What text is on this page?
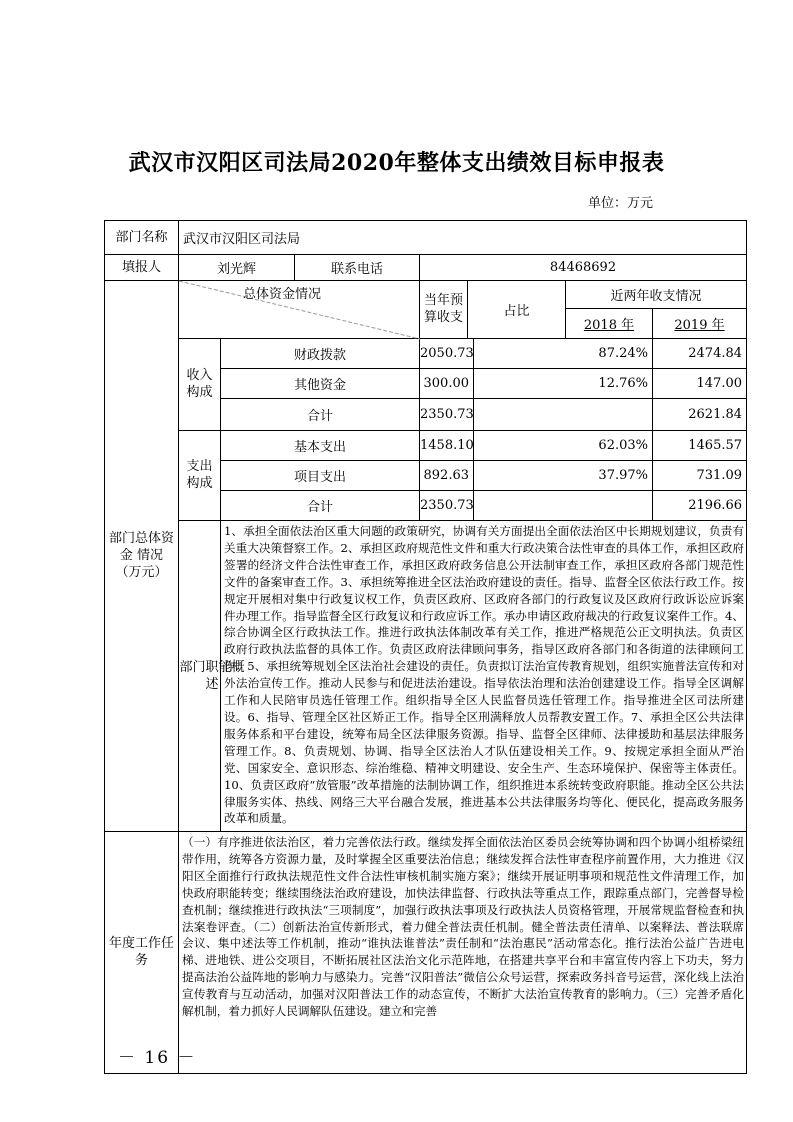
武汉市汉阳区司法局2020年整体支出绩效目标申报表
单位：万元
部门名称	武汉市汉阳区司法局								
填报人	刘光辉		联系电话	84468692					
部门总体资金 情况（万元）	总体资金情况			当年预算收支	占比		近两年收支情况		
							2018 年	2019 年	
	收入构成	财政拨款		2050.73		87.24%		2474.84	
		其他资金		300.00		12.76%		147.00	
		合计		2350.73				2621.84	
	支出构成	基本支出		1458.10		62.03%		1465.57	
		项目支出		892.63		37.97%		731.09	
		合计		2350.73				2196.66	
	部门职能概述	1、承担全面依法治区重大问题的政策研究，协调有关方面提出全面依法治区中长期规划建议，负责有关重大决策督察工作。2、承担区政府规范性文件和重大行政决策合法性审查的具体工作，承担区政府签署的经济文件合法性审查工作，承担区政府政务信息公开法制审查工作，承担区政府各部门规范性文件的备案审查工作。3、承担统筹推进全区法治政府建设的责任。指导、监督全区依法行政工作。按规定开展相对集中行政复议权工作，负责区政府、区政府各部门的行政复议及区政府行政诉讼应诉案件办理工作。指导监督全区行政复议和行政应诉工作。承办申请区政府裁决的行政复议案件工作。4、综合协调全区行政执法工作。推进行政执法体制改革有关工作，推进严格规范公正文明执法。负责区政府行政执法监督的具体工作。负责区政府法律顾问事务，指导区政府各部门和各街道的法律顾问工作。5、承担统筹规划全区法治社会建设的责任。负责拟订法治宣传教育规划，组织实施普法宣传和对外法治宣传工作。推动人民参与和促进法治建设。指导依法治理和法治创建建设工作。指导全区调解工作和人民陪审员选任管理工作。组织指导全区人民监督员选任管理工作。指导推进全区司法所建设。6、指导、管理全区社区矫正工作。指导全区刑满释放人员帮教安置工作。7、承担全区公共法律服务体系和平台建设，统筹布局全区法律服务资源。指导、监督全区律师、法律援助和基层法律服务管理工作。8、负责规划、协调、指导全区法治人才队伍建设相关工作。9、按规定承担全面从严治党、国家安全、意识形态、综治维稳、精神文明建设、安全生产、生态环境保护、保密等主体责任。10、负责区政府“放管服”改革措施的法制协调工作，组织推进本系统转变政府职能。推动全区公共法律服务实体、热线、网络三大平台融合发展，推进基本公共法律服务均等化、便民化，提高政务服务改革和质量。							
年度工作任务	（一）有序推进依法治区，着力完善依法行政。继续发挥全面依法治区委员会统筹协调和四个协调小组桥梁纽带作用，统筹各方资源力量，及时掌握全区重要法治信息；继续发挥合法性审查程序前置作用，大力推进《汉阳区全面推行行政执法规范性文件合法性审核机制实施方案》；继续开展证明事项和规范性文件清理工作，加快政府职能转变；继续围绕法治政府建设，加快法律监督、行政执法等重点工作，跟踪重点部门，完善督导检查机制；继续推进行政执法“三项制度”，加强行政执法事项及行政执法人员资格管理，开展常规监督检查和执法案卷评查。（二）创新法治宣传新形式，着力健全普法责任机制。健全普法责任清单、以案释法、普法联席会议、集中述法等工作机制，推动“谁执法谁普法”责任制和“法治惠民”活动常态化。推行法治公益广告进电梯、进地铁、进公交项目，不断拓展社区法治文化示范阵地，在搭建共享平台和丰富宣传内容上下功夫，努力提高法治公益阵地的影响力与感染力。完善“汉阳普法”微信公众号运营，探索政务抖音号运营，深化线上法治宣传教育与互动活动，加强对汉阳普法工作的动态宣传，不断扩大法治宣传教育的影响力。（三）完善矛盾化解机制，着力抓好人民调解队伍建设。建立和完善								
－ 16 －
